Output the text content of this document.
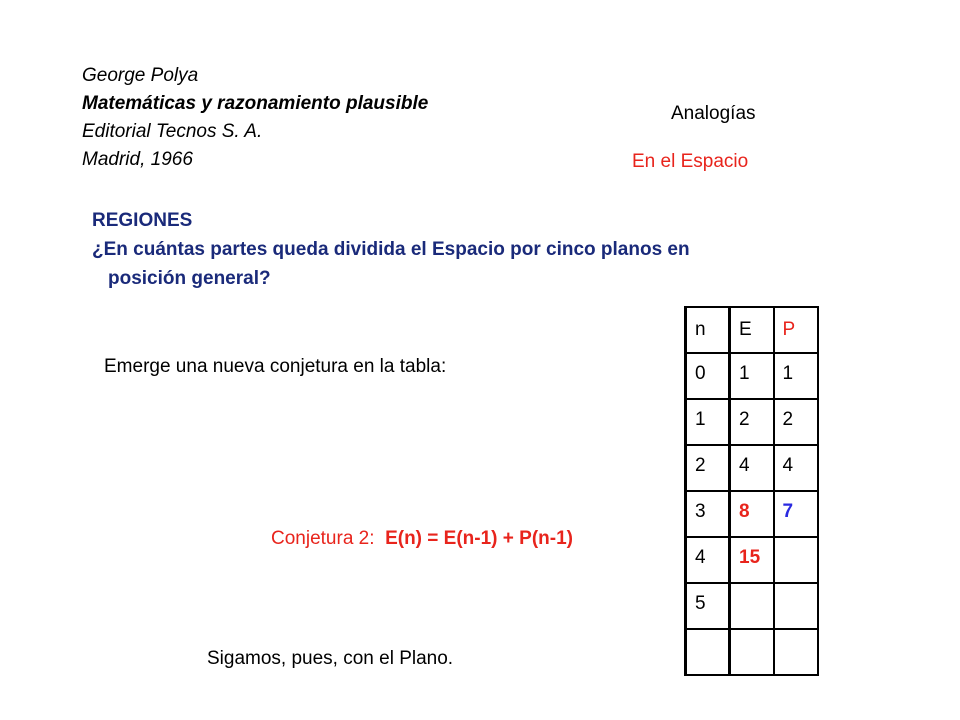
George Polya
Matemáticas y razonamiento plausible
Editorial Tecnos S. A.
Madrid, 1966
Analogías
En el Espacio
REGIONES
¿En cuántas partes queda dividida el Espacio por cinco planos en
posición general?
Emerge una nueva conjetura en la tabla:
Conjetura 2:  E(n) = E(n-1) + P(n-1)
Sigamos, pues, con el Plano.
n	E	P
0	1	1
1	2	2
2	4	4
3	8	7
4	15	
5		
